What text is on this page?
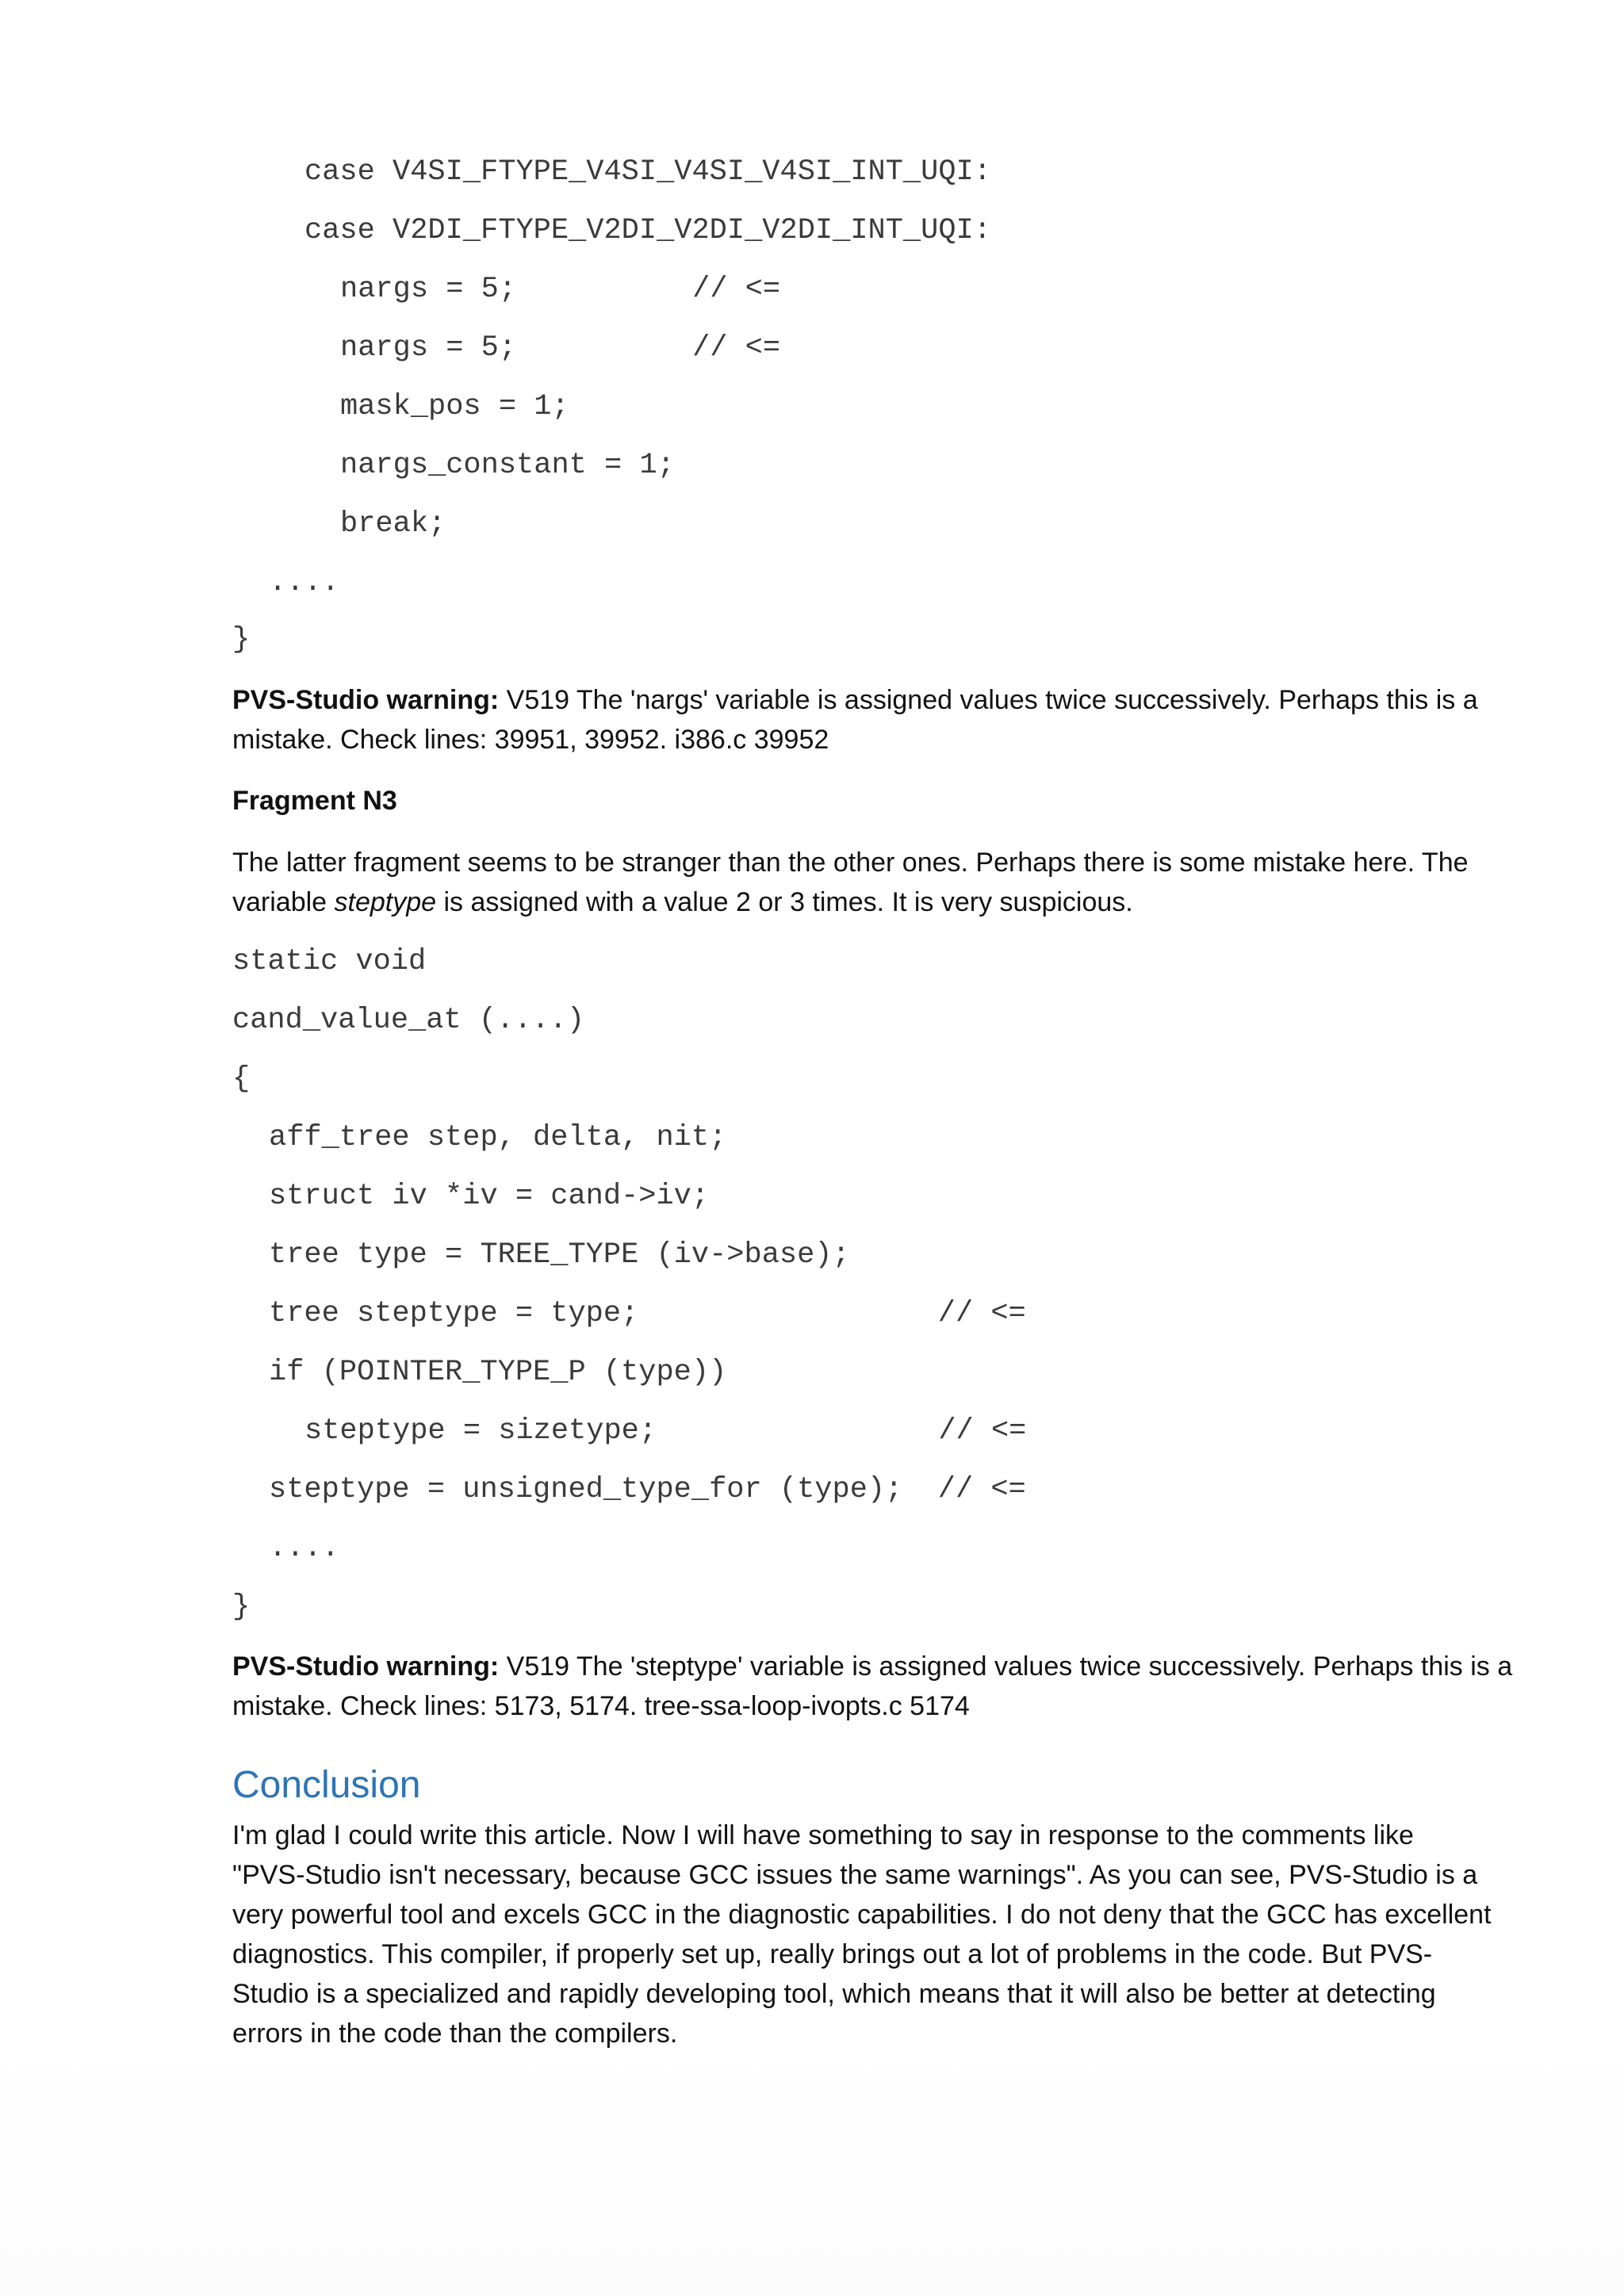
case V4SI_FTYPE_V4SI_V4SI_V4SI_INT_UQI:
case V2DI_FTYPE_V2DI_V2DI_V2DI_INT_UQI:
nargs = 5;          // <=
nargs = 5;          // <=
mask_pos = 1;
nargs_constant = 1;
break;
....
}
PVS-Studio warning: V519 The 'nargs' variable is assigned values twice successively. Perhaps this is a
mistake. Check lines: 39951, 39952. i386.c 39952
Fragment N3
The latter fragment seems to be stranger than the other ones. Perhaps there is some mistake here. The
variable steptype is assigned with a value 2 or 3 times. It is very suspicious.
static void
cand_value_at (....)
{
aff_tree step, delta, nit;
struct iv *iv = cand->iv;
tree type = TREE_TYPE (iv->base);
tree steptype = type;                 // <=
if (POINTER_TYPE_P (type))
steptype = sizetype;                // <=
steptype = unsigned_type_for (type);  // <=
....
}
PVS-Studio warning: V519 The 'steptype' variable is assigned values twice successively. Perhaps this is a
mistake. Check lines: 5173, 5174. tree-ssa-loop-ivopts.c 5174
Conclusion
I'm glad I could write this article. Now I will have something to say in response to the comments like
"PVS-Studio isn't necessary, because GCC issues the same warnings". As you can see, PVS-Studio is a
very powerful tool and excels GCC in the diagnostic capabilities. I do not deny that the GCC has excellent
diagnostics. This compiler, if properly set up, really brings out a lot of problems in the code. But PVS-
Studio is a specialized and rapidly developing tool, which means that it will also be better at detecting
errors in the code than the compilers.
